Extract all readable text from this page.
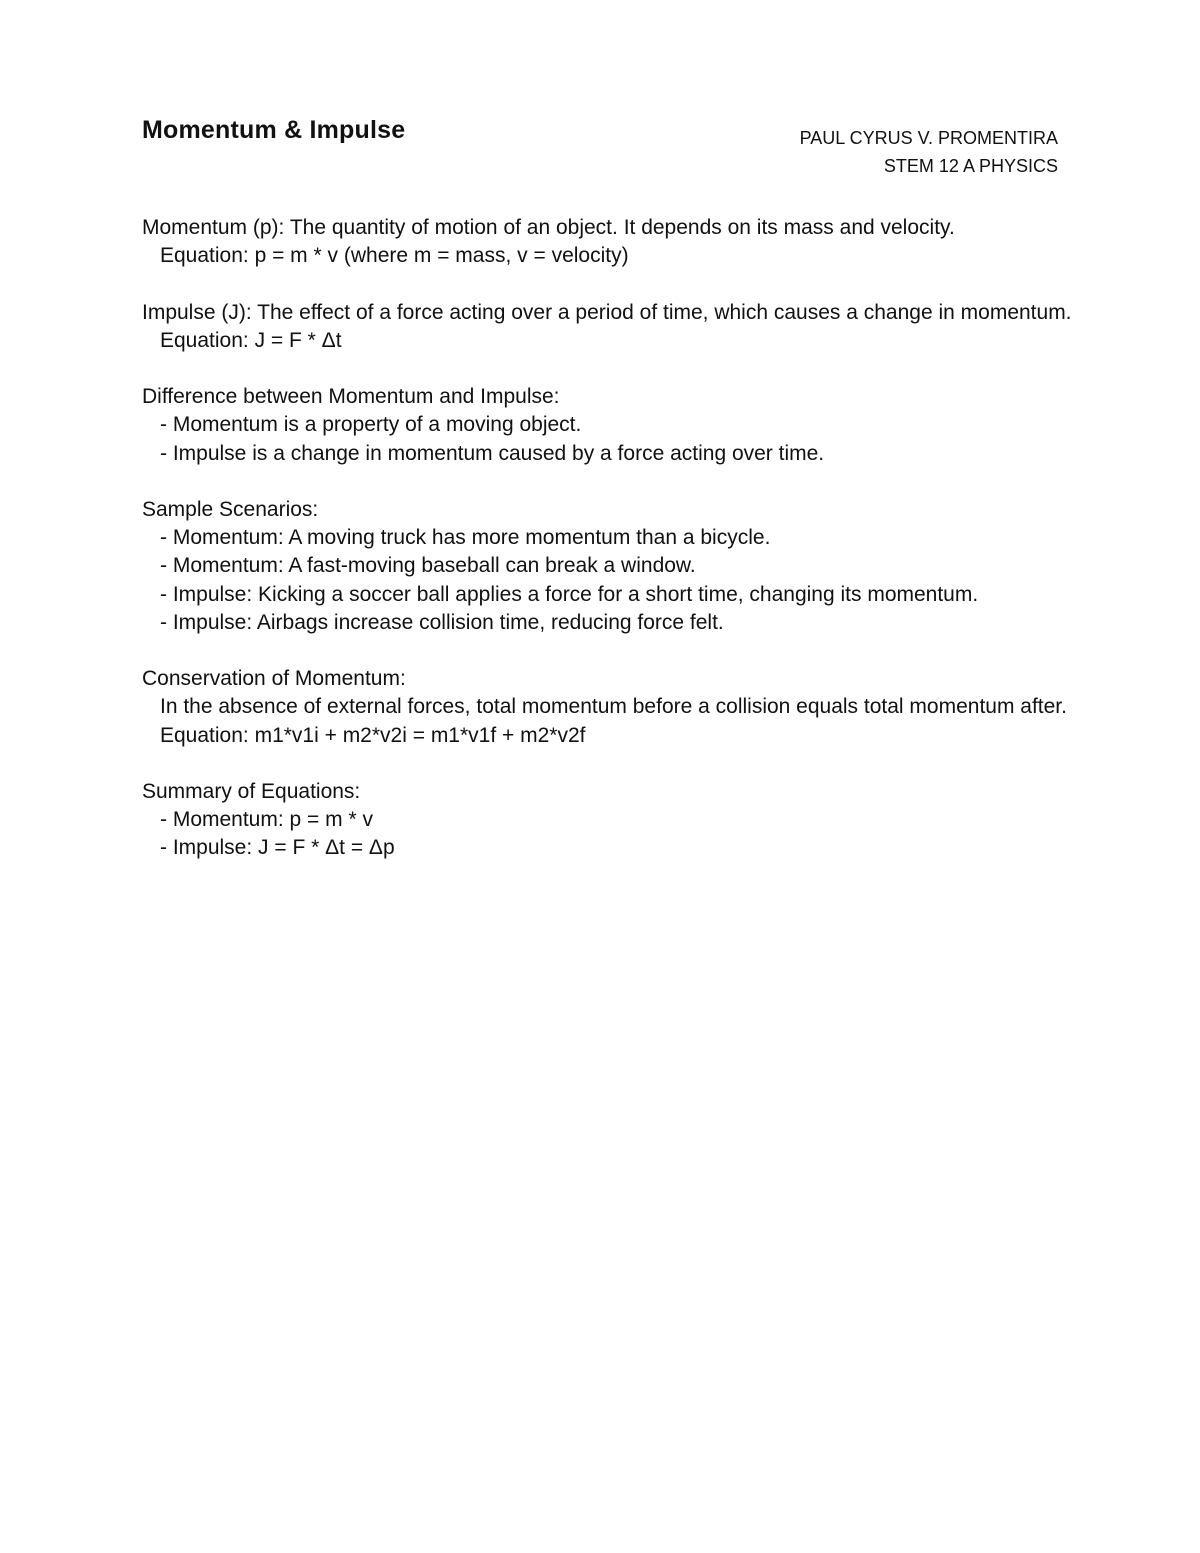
Momentum & Impulse	PAUL CYRUS V. PROMENTIRA
STEM 12 A PHYSICS
Momentum (p): The quantity of motion of an object. It depends on its mass and velocity.
Equation: p = m * v (where m = mass, v = velocity)
Impulse (J): The effect of a force acting over a period of time, which causes a change in momentum.
Equation: J = F * Δt
Difference between Momentum and Impulse:
- Momentum is a property of a moving object.
- Impulse is a change in momentum caused by a force acting over time.
Sample Scenarios:
- Momentum: A moving truck has more momentum than a bicycle.
- Momentum: A fast-moving baseball can break a window.
- Impulse: Kicking a soccer ball applies a force for a short time, changing its momentum.
- Impulse: Airbags increase collision time, reducing force felt.
Conservation of Momentum:
In the absence of external forces, total momentum before a collision equals total momentum after.
Equation: m1*v1i + m2*v2i = m1*v1f + m2*v2f
Summary of Equations:
- Momentum: p = m * v
- Impulse: J = F * Δt = Δp
